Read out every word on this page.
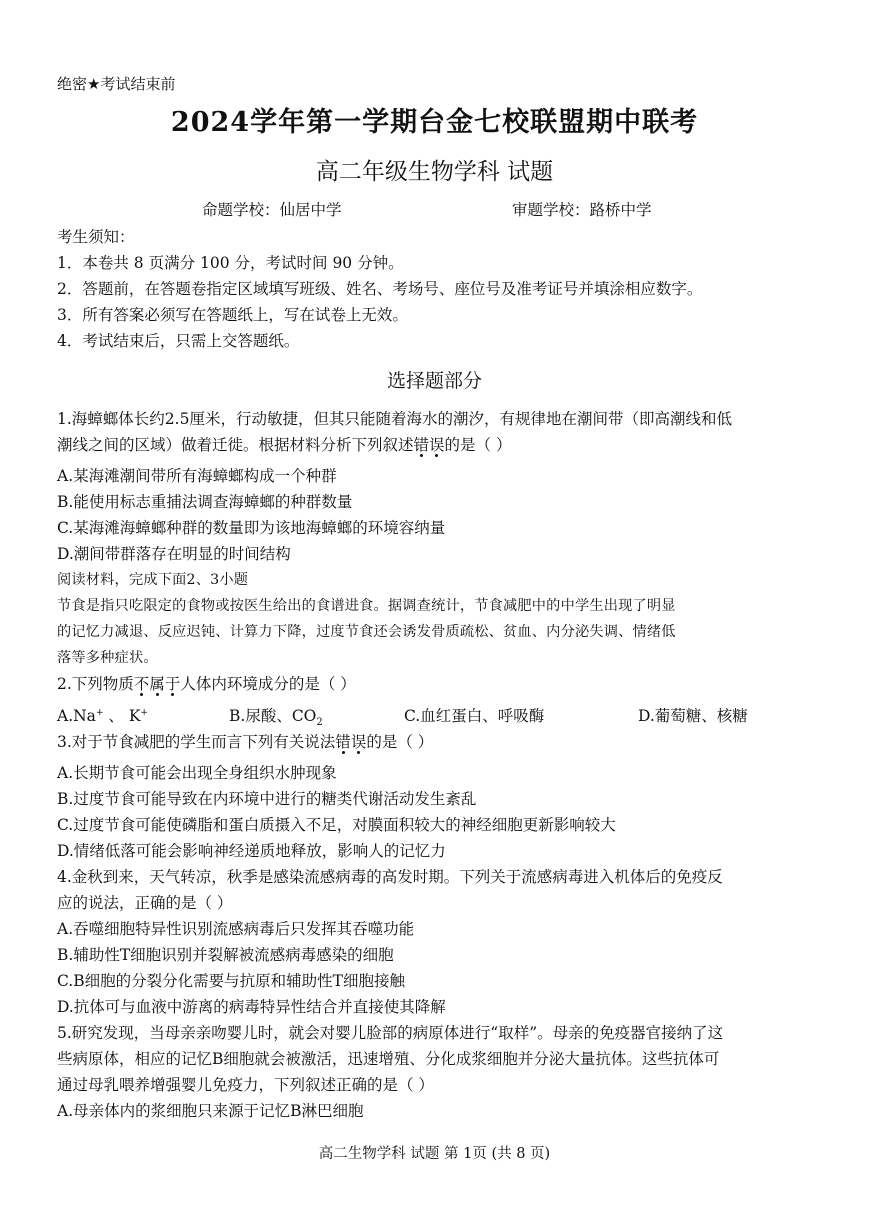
绝密★考试结束前
2024学年第一学期台金七校联盟期中联考
高二年级生物学科 试题
命题学校：仙居中学	审题学校：路桥中学
考生须知：
1．本卷共 8 页满分 100 分，考试时间 90 分钟。
2．答题前，在答题卷指定区域填写班级、姓名、考场号、座位号及准考证号并填涂相应数字。
3．所有答案必须写在答题纸上，写在试卷上无效。
4．考试结束后，只需上交答题纸。
选择题部分
1.海蟑螂体长约2.5厘米，行动敏捷，但其只能随着海水的潮汐，有规律地在潮间带（即高潮线和低
潮线之间的区域）做着迁徙。根据材料分析下列叙述错误的是（ ）
A.某海滩潮间带所有海蟑螂构成一个种群
B.能使用标志重捕法调查海蟑螂的种群数量
C.某海滩海蟑螂种群的数量即为该地海蟑螂的环境容纳量
D.潮间带群落存在明显的时间结构
阅读材料，完成下面2、3小题
节食是指只吃限定的食物或按医生给出的食谱进食。据调查统计，节食减肥中的中学生出现了明显
的记忆力减退、反应迟钝、计算力下降，过度节食还会诱发骨质疏松、贫血、内分泌失调、情绪低
落等多种症状。
2.下列物质不属于人体内环境成分的是（ ）
A.Na+ 、 K+	B.尿酸、$CO_2$	C.血红蛋白、呼吸酶	D.葡萄糖、核糖
3.对于节食减肥的学生而言下列有关说法错误的是（ ）
A.长期节食可能会出现全身组织水肿现象
B.过度节食可能导致在内环境中进行的糖类代谢活动发生紊乱
C.过度节食可能使磷脂和蛋白质摄入不足，对膜面积较大的神经细胞更新影响较大
D.情绪低落可能会影响神经递质地释放，影响人的记忆力
4.金秋到来，天气转凉，秋季是感染流感病毒的高发时期。下列关于流感病毒进入机体后的免疫反
应的说法，正确的是（ ）
A.吞噬细胞特异性识别流感病毒后只发挥其吞噬功能
B.辅助性T细胞识别并裂解被流感病毒感染的细胞
C.B细胞的分裂分化需要与抗原和辅助性T细胞接触
D.抗体可与血液中游离的病毒特异性结合并直接使其降解
5.研究发现，当母亲亲吻婴儿时，就会对婴儿脸部的病原体进行“取样”。母亲的免疫器官接纳了这
些病原体，相应的记忆B细胞就会被激活，迅速增殖、分化成浆细胞并分泌大量抗体。这些抗体可
通过母乳喂养增强婴儿免疫力，下列叙述正确的是（ ）
A.母亲体内的浆细胞只来源于记忆B淋巴细胞
高二生物学科 试题 第 1页 (共 8 页)
